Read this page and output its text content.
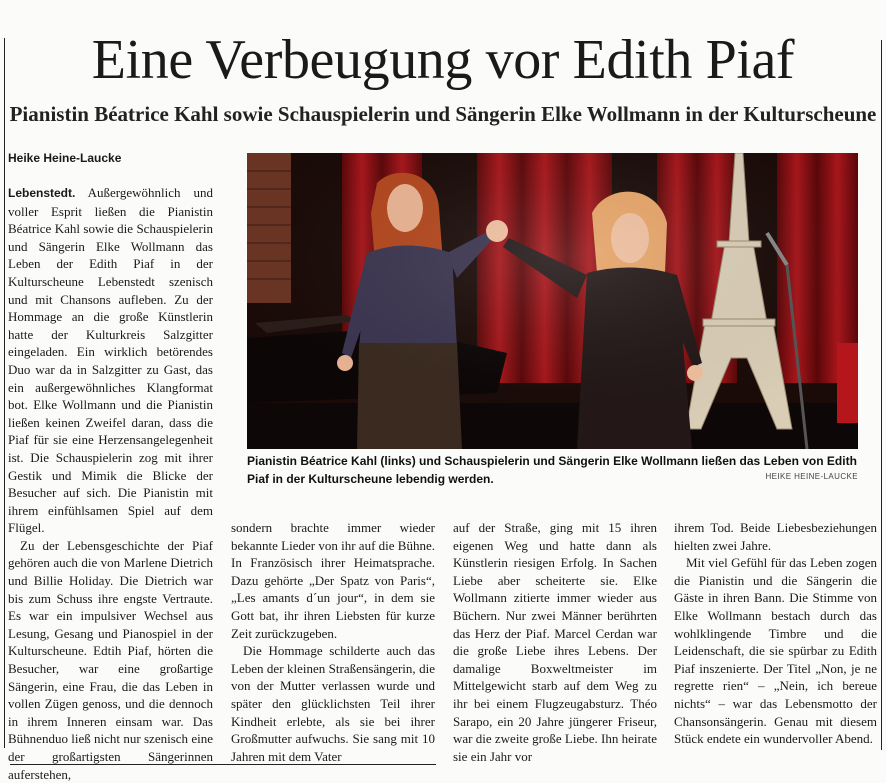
Eine Verbeugung vor Edith Piaf
Pianistin Béatrice Kahl sowie Schauspielerin und Sängerin Elke Wollmann in der Kulturscheune
Heike Heine-Laucke

Lebenstedt. Außergewöhnlich und voller Esprit ließen die Pianistin Béatrice Kahl sowie die Schauspielerin und Sängerin Elke Wollmann das Leben der Edith Piaf in der Kulturscheune Lebenstedt szenisch und mit Chansons aufleben. Zu der Hommage an die große Künstlerin hatte der Kulturkreis Salzgitter eingeladen. Ein wirklich betörendes Duo war da in Salzgitter zu Gast, das ein außergewöhnliches Klangformat bot. Elke Wollmann und die Pianistin ließen keinen Zweifel daran, dass die Piaf für sie eine Herzensangelegenheit ist. Die Schauspielerin zog mit ihrer Gestik und Mimik die Blicke der Besucher auf sich. Die Pianistin mit ihrem einfühlsamen Spiel auf dem Flügel.

Zu der Lebensgeschichte der Piaf gehören auch die von Marlene Dietrich und Billie Holiday. Die Dietrich war bis zum Schuss ihre engste Vertraute. Es war ein impulsiver Wechsel aus Lesung, Gesang und Pianospiel in der Kulturscheune. Edtih Piaf, hörten die Besucher, war eine großartige Sängerin, eine Frau, die das Leben in vollen Zügen genoss, und die dennoch in ihrem Inneren einsam war. Das Bühnenduo ließ nicht nur szenisch eine der großartigsten Sängerinnen auferstehen,

Pianistin Béatrice Kahl (links) und Schauspielerin und Sängerin Elke Wollmann ließen das Leben von Edith Piaf in der Kulturscheune lebendig werden.	HEIKE HEINE-LAUCKE

sondern brachte immer wieder bekannte Lieder von ihr auf die Bühne. In Französisch ihrer Heimatsprache. Dazu gehörte „Der Spatz von Paris“, „Les amants d´un jour“, in dem sie Gott bat, ihr ihren Liebsten für kurze Zeit zurückzugeben.

Die Hommage schilderte auch das Leben der kleinen Straßensängerin, die von der Mutter verlassen wurde und später den glücklichsten Teil ihrer Kindheit erlebte, als sie bei ihrer Großmutter aufwuchs. Sie sang mit 10 Jahren mit dem Vater

auf der Straße, ging mit 15 ihren eigenen Weg und hatte dann als Künstlerin riesigen Erfolg. In Sachen Liebe aber scheiterte sie. Elke Wollmann zitierte immer wieder aus Büchern. Nur zwei Männer berührten das Herz der Piaf. Marcel Cerdan war die große Liebe ihres Lebens. Der damalige Boxweltmeister im Mittelgewicht starb auf dem Weg zu ihr bei einem Flugzeugabsturz. Théo Sarapo, ein 20 Jahre jüngerer Friseur, war die zweite große Liebe. Ihn heirate sie ein Jahr vor

ihrem Tod. Beide Liebesbeziehungen hielten zwei Jahre.

Mit viel Gefühl für das Leben zogen die Pianistin und die Sängerin die Gäste in ihren Bann. Die Stimme von Elke Wollmann bestach durch das wohlklingende Timbre und die Leidenschaft, die sie spürbar zu Edith Piaf inszenierte. Der Titel „Non, je ne regrette rien“ – „Nein, ich bereue nichts“ – war das Lebensmotto der Chansonsängerin. Genau mit diesem Stück endete ein wundervoller Abend.
